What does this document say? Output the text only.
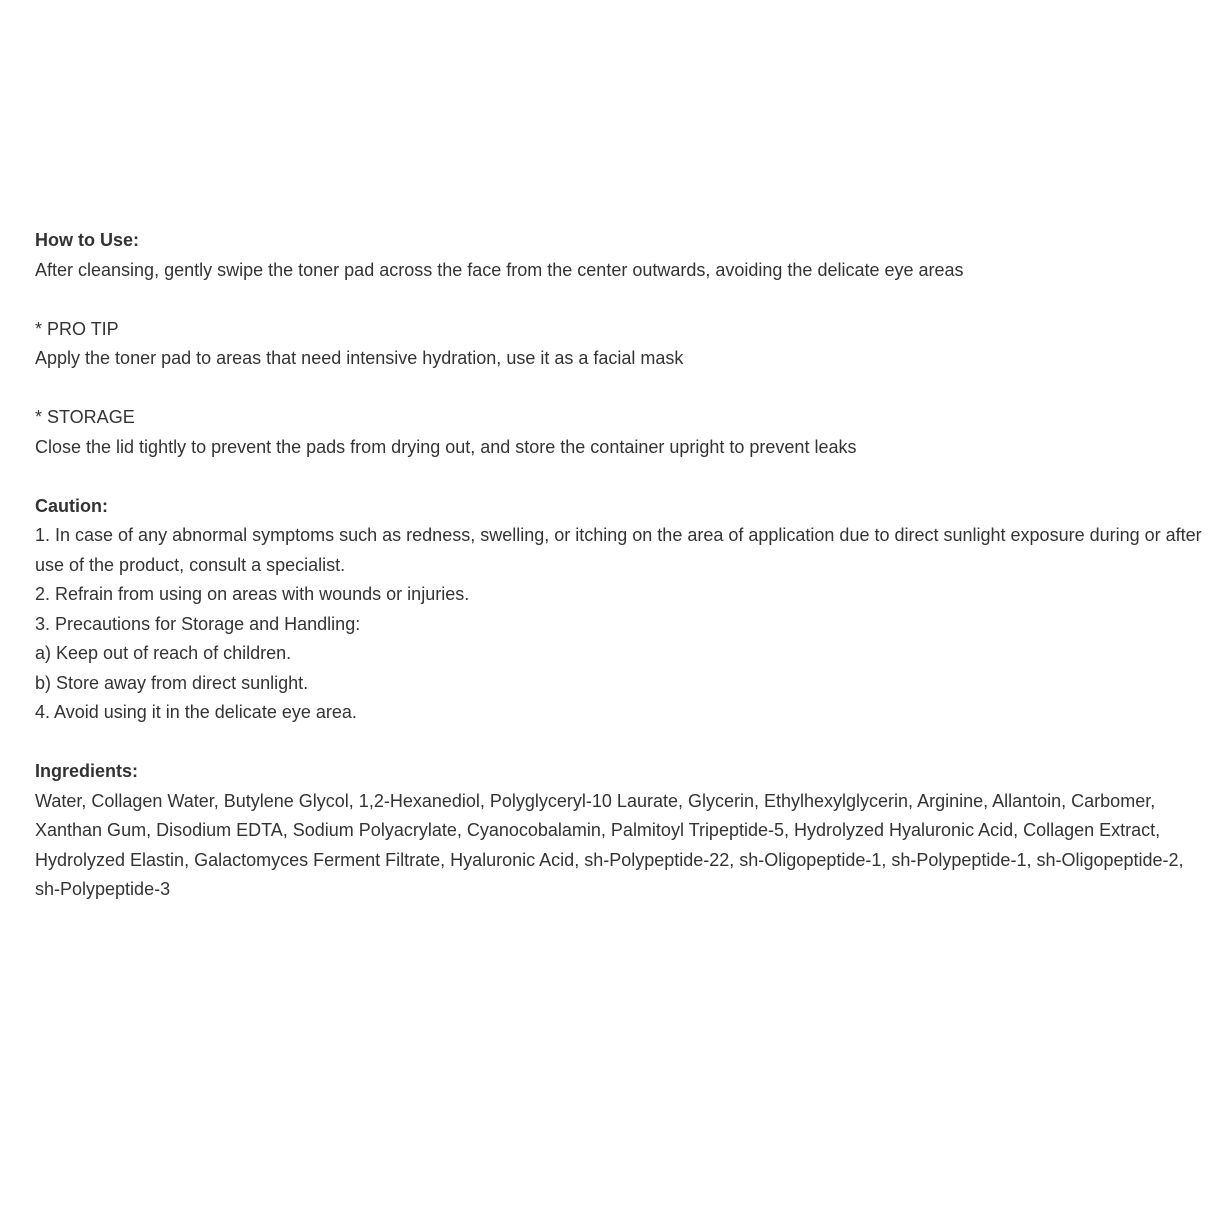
How to Use:

After cleansing, gently swipe the toner pad across the face from the center outwards, avoiding the delicate eye areas

* PRO TIP

Apply the toner pad to areas that need intensive hydration, use it as a facial mask

* STORAGE

Close the lid tightly to prevent the pads from drying out, and store the container upright to prevent leaks

Caution:

1. In case of any abnormal symptoms such as redness, swelling, or itching on the area of application due to direct sunlight exposure during or after use of the product, consult a specialist.

2. Refrain from using on areas with wounds or injuries.

3. Precautions for Storage and Handling:

a) Keep out of reach of children.

b) Store away from direct sunlight.

4. Avoid using it in the delicate eye area.

Ingredients:

Water, Collagen Water, Butylene Glycol, 1,2-Hexanediol, Polyglyceryl-10 Laurate, Glycerin, Ethylhexylglycerin, Arginine, Allantoin, Carbomer, Xanthan Gum, Disodium EDTA, Sodium Polyacrylate, Cyanocobalamin, Palmitoyl Tripeptide-5, Hydrolyzed Hyaluronic Acid, Collagen Extract, Hydrolyzed Elastin, Galactomyces Ferment Filtrate, Hyaluronic Acid, sh-Polypeptide-22, sh-Oligopeptide-1, sh-Polypeptide-1, sh-Oligopeptide-2, sh-Polypeptide-3
